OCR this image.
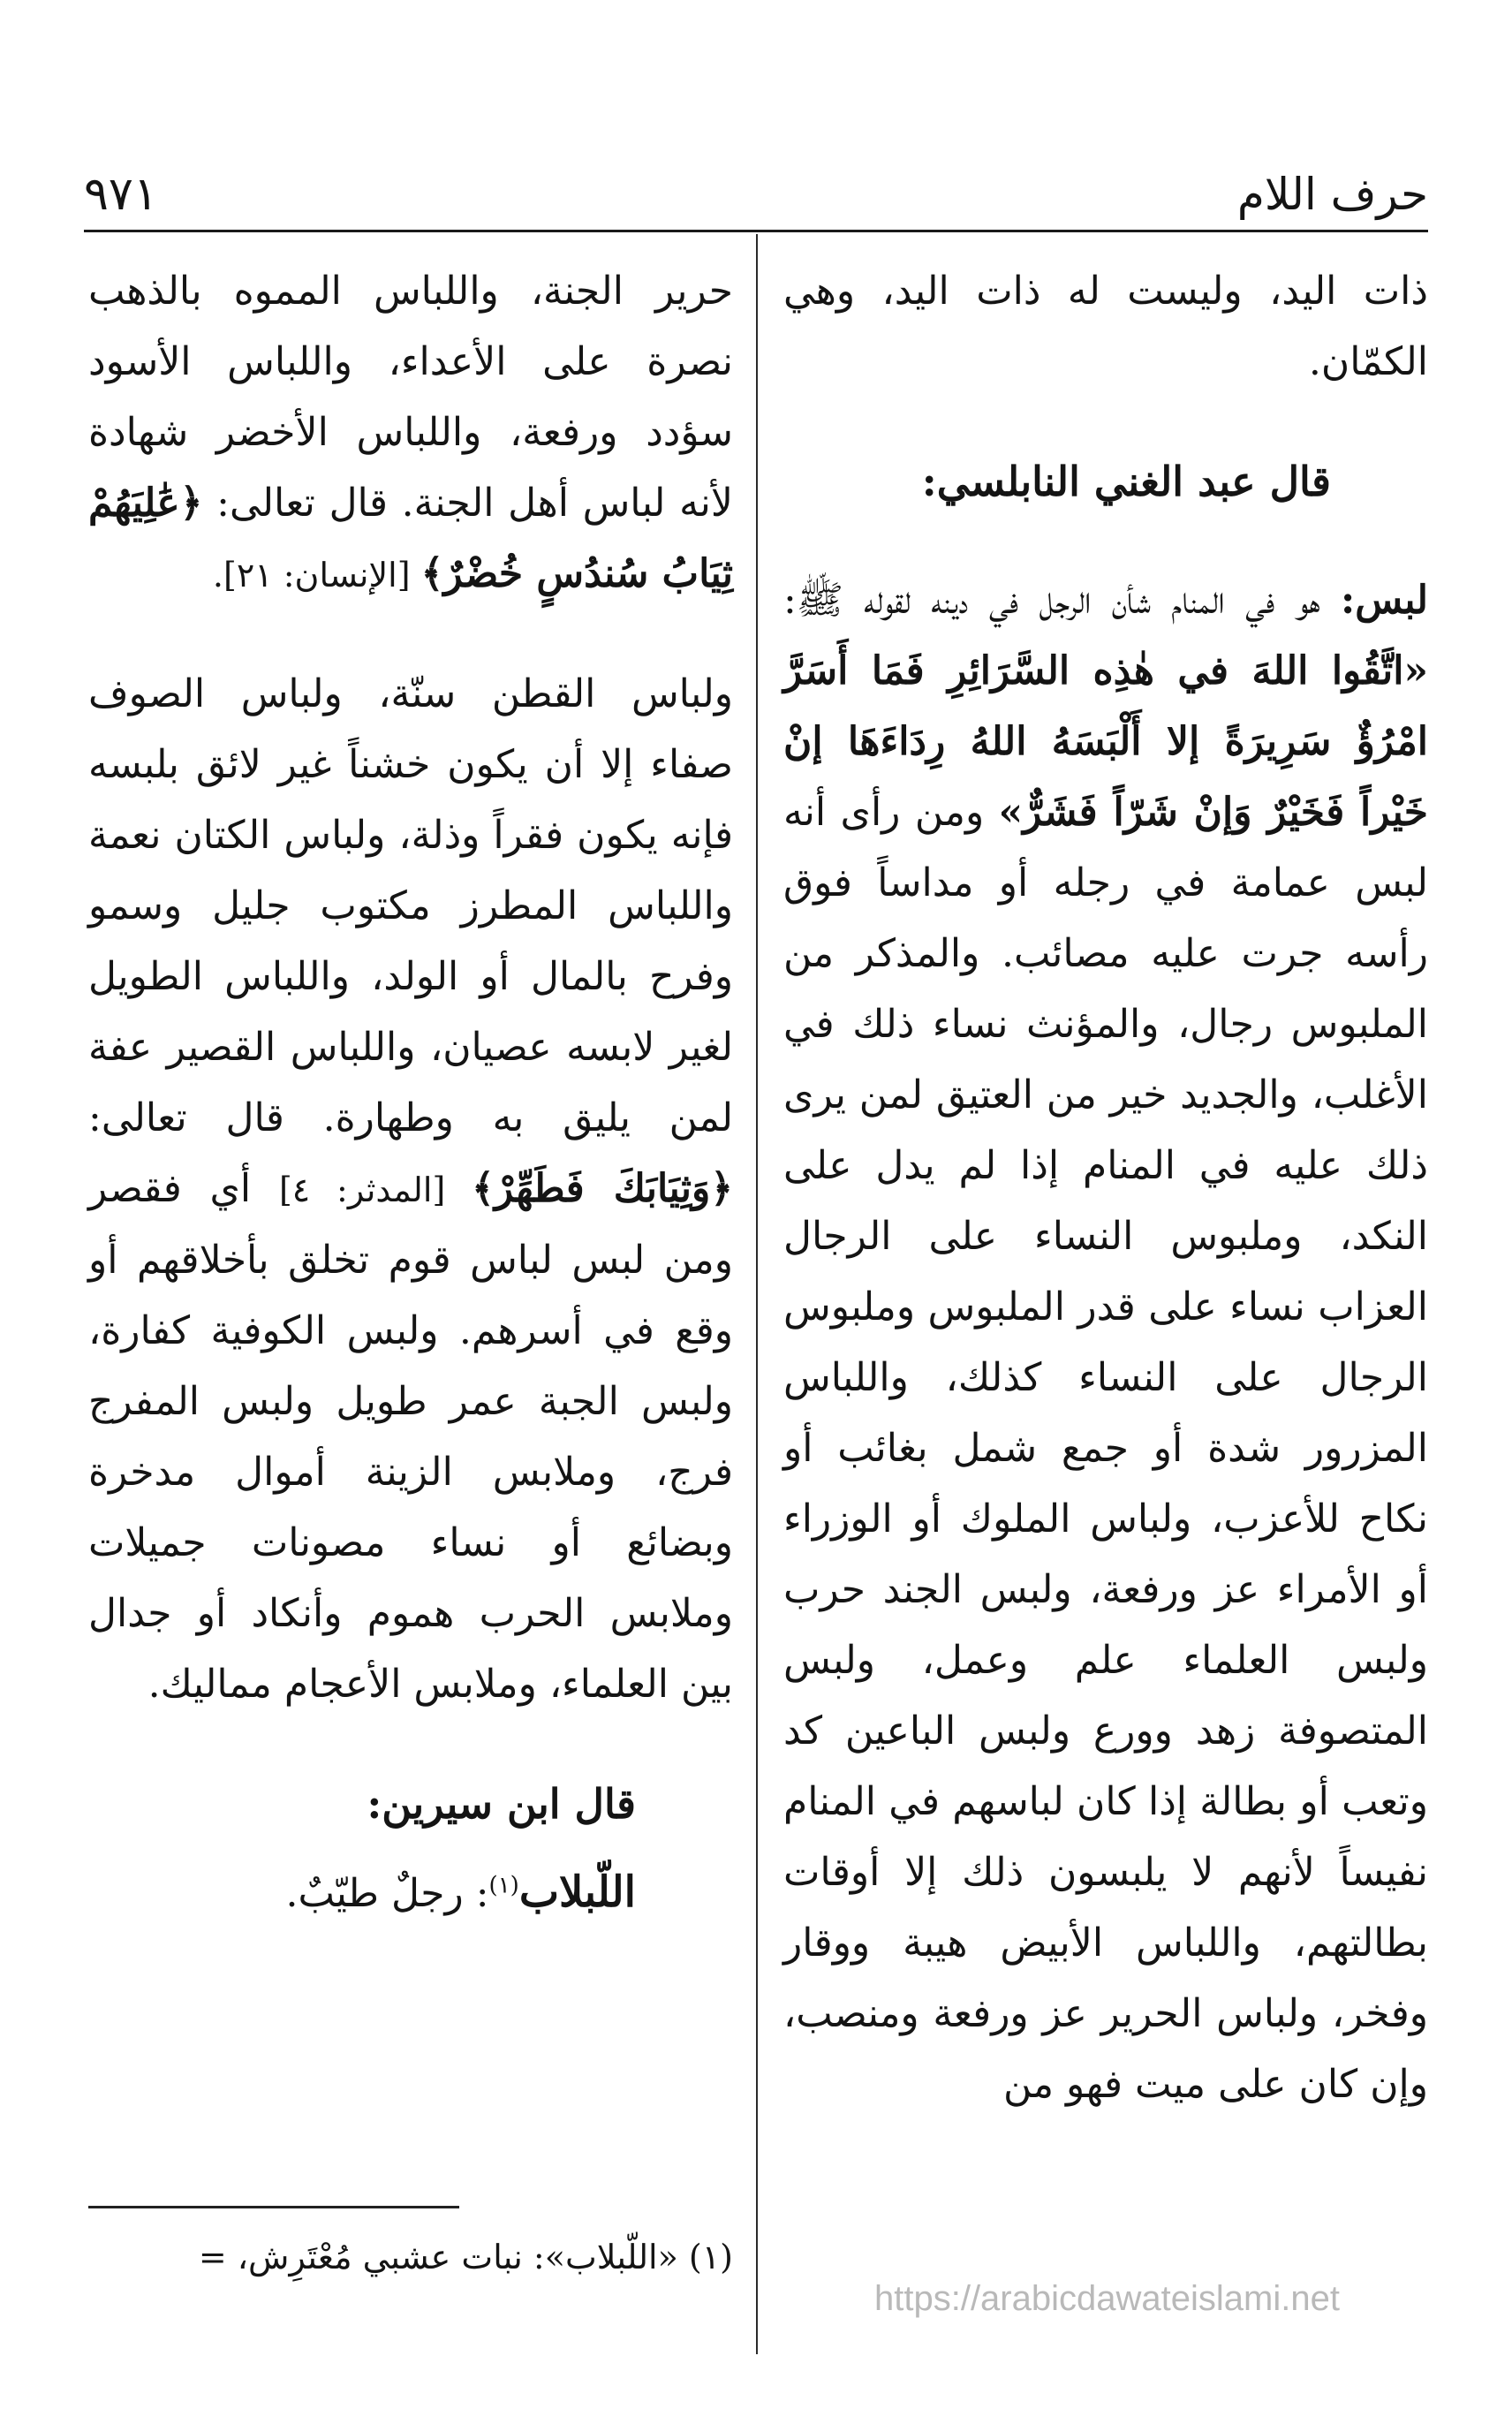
حرف اللام
٩٧١

ذات اليد، وليست له ذات اليد، وهي الكمّان.

قال عبد الغني النابلسي:

لبس: هو في المنام شأن الرجل في دينه لقوله ﷺ: «اتَّقُوا اللهَ في هٰذِه السَّرَائِرِ فَمَا أَسَرَّ امْرُؤٌ سَرِيرَةً إلا أَلْبَسَهُ اللهُ رِدَاءَهَا إنْ خَيْراً فَخَيْرٌ وَإنْ شَرّاً فَشَرٌّ» ومن رأى أنه لبس عمامة في رجله أو مداساً فوق رأسه جرت عليه مصائب. والمذكر من الملبوس رجال، والمؤنث نساء ذلك في الأغلب، والجديد خير من العتيق لمن يرى ذلك عليه في المنام إذا لم يدل على النكد، وملبوس النساء على الرجال العزاب نساء على قدر الملبوس وملبوس الرجال على النساء كذلك، واللباس المزرور شدة أو جمع شمل بغائب أو نكاح للأعزب، ولباس الملوك أو الوزراء أو الأمراء عز ورفعة، ولبس الجند حرب ولبس العلماء علم وعمل، ولبس المتصوفة زهد وورع ولبس الباعين كد وتعب أو بطالة إذا كان لباسهم في المنام نفيساً لأنهم لا يلبسون ذلك إلا أوقات بطالتهم، واللباس الأبيض هيبة ووقار وفخر، ولباس الحرير عز ورفعة ومنصب، وإن كان على ميت فهو من

حرير الجنة، واللباس المموه بالذهب نصرة على الأعداء، واللباس الأسود سؤدد ورفعة، واللباس الأخضر شهادة لأنه لباس أهل الجنة. قال تعالى: ﴿عَٰلِيَهُمْ ثِيَابُ سُندُسٍ خُضْرٌ﴾ [الإنسان: ٢١].

ولباس القطن سنّة، ولباس الصوف صفاء إلا أن يكون خشناً غير لائق بلبسه فإنه يكون فقراً وذلة، ولباس الكتان نعمة واللباس المطرز مكتوب جليل وسمو وفرح بالمال أو الولد، واللباس الطويل لغير لابسه عصيان، واللباس القصير عفة لمن يليق به وطهارة. قال تعالى: ﴿وَثِيَابَكَ فَطَهِّرْ﴾ [المدثر: ٤] أي فقصر ومن لبس لباس قوم تخلق بأخلاقهم أو وقع في أسرهم. ولبس الكوفية كفارة، ولبس الجبة عمر طويل ولبس المفرج فرج، وملابس الزينة أموال مدخرة وبضائع أو نساء مصونات جميلات وملابس الحرب هموم وأنكاد أو جدال بين العلماء، وملابس الأعجام مماليك.

قال ابن سيرين:

اللّبلاب$^{(١)}$: رجلٌ طيّبٌ.

(١) «اللّبلاب»: نبات عشبي مُعْتَرِش، =

https://arabicdawateislami.net
